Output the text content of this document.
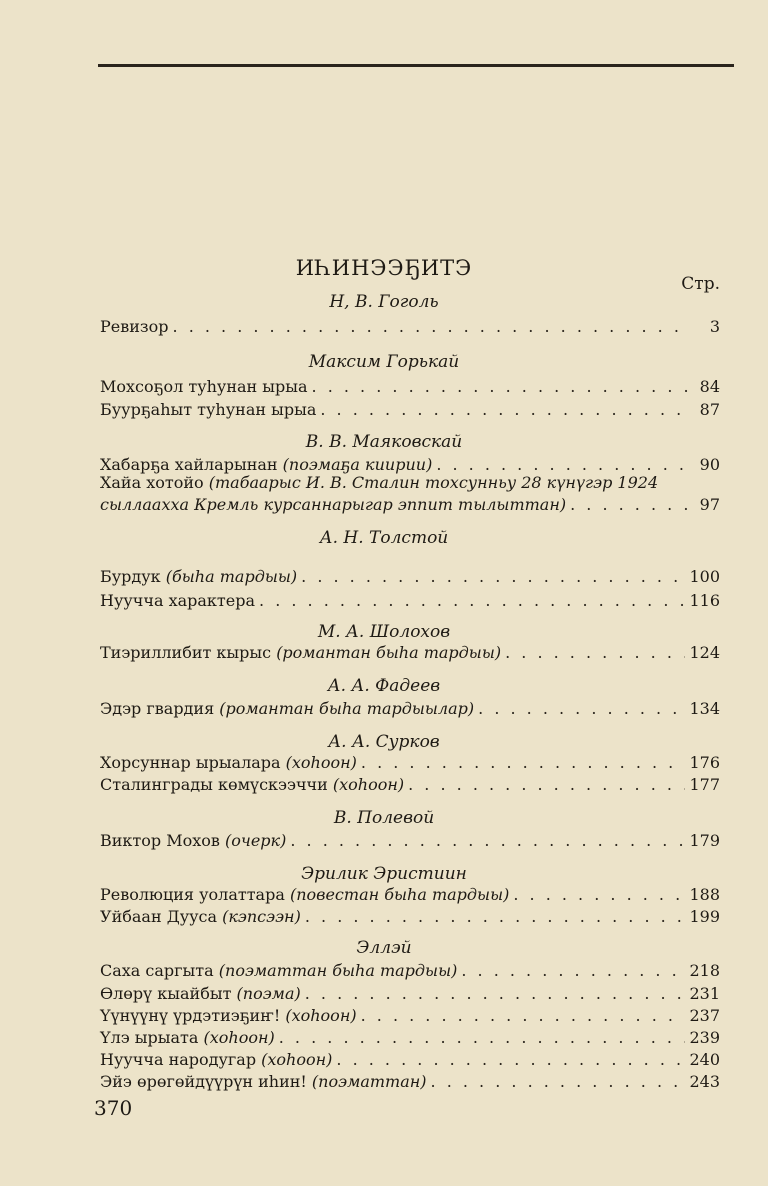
ИҺИНЭЭҔИТЭ
Стр.
Н, В. Гоголь
Ревизор . . .	3
Максим Горькай
Мохсоҕол туһунан ырыа . . .	84
Буурҕаһыт туһунан ырыа . . .	87
В. В. Маяковскай
Хабарҕа хайларынан (поэмаҕа киирии) . . .	90
Хайа хотойо (табаарыс И. В. Сталин тохсунньу 28 күнүгэр 1924
сыллаахха Кремль курсаннарыгар эппит тылыттан) . . .	97
А. Н. Толстой
Бурдук (быһа тардыы) . . .	100
Нуучча характера . . .	116
М. А. Шолохов
Тиэриллибит кырыс (романтан быһа тардыы) . . .	124
А. А. Фадеев
Эдэр гвардия (романтан быһа тардыылар) . . .	134
А. А. Сурков
Хорсуннар ырыалара (хоһоон) . . .	176
Сталинграды көмүскээччи (хоһоон) . . .	177
В. Полевой
Виктор Мохов (очерк) . . .	179
Эрилик Эристиин
Революция уолаттара (повестан быһа тардыы) . . .	188
Уйбаан Дууса (кэпсээн) . . .	199
Эллэй
Саха саргыта (поэматтан быһа тардыы) . . .	218
Өлөрү кыайбыт (поэма) . . .	231
Үүнүүнү үрдэтиэҕиҥ! (хоһоон) . . .	237
Үлэ ырыата (хоһоон) . . .	239
Нуучча народугар (хоһоон) . . .	240
Эйэ өрөгөйдүүрүн иһин! (поэматтан) . . .	243
370
